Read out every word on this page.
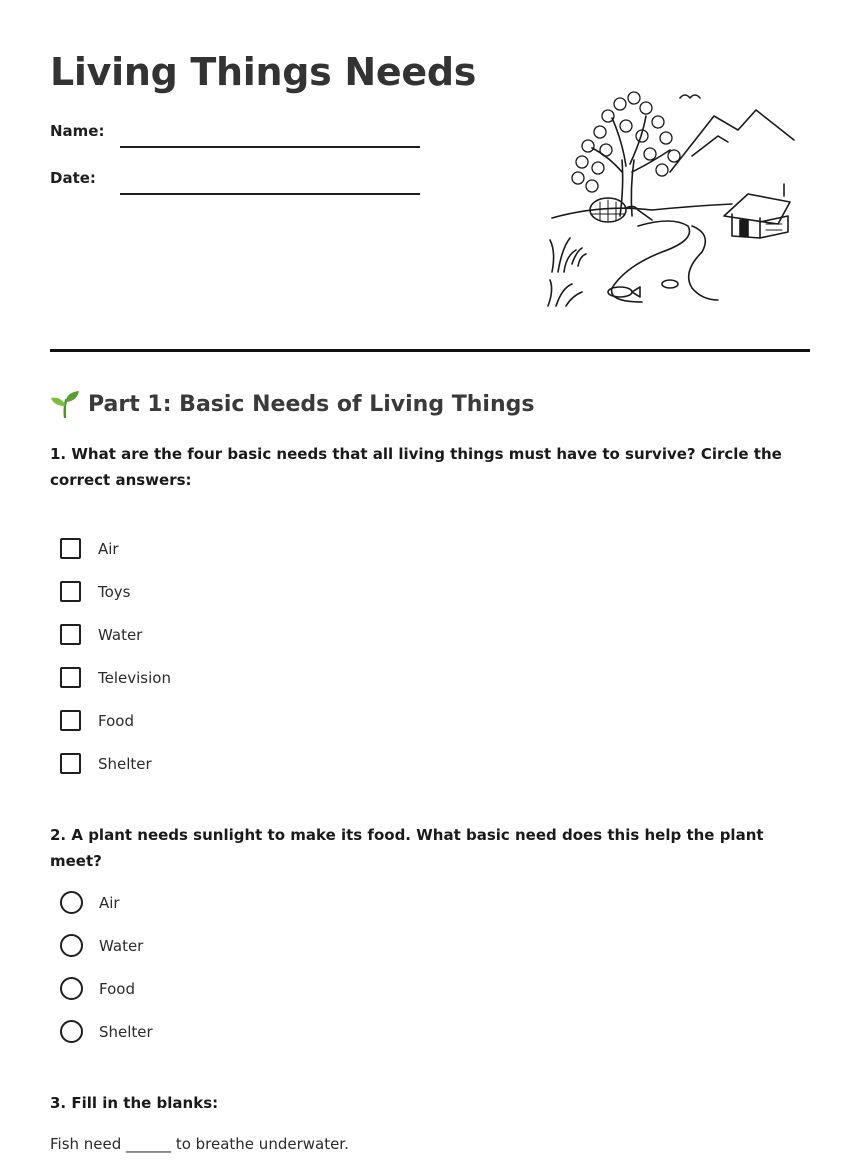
Living Things Needs
Name:
Date:
Part 1: Basic Needs of Living Things

1. What are the four basic needs that all living things must have to survive? Circle the correct answers:

Air
Toys
Water
Television
Food
Shelter

2. A plant needs sunlight to make its food. What basic need does this help the plant meet?

Air
Water
Food
Shelter

3. Fill in the blanks:

Fish need ______ to breathe underwater.
